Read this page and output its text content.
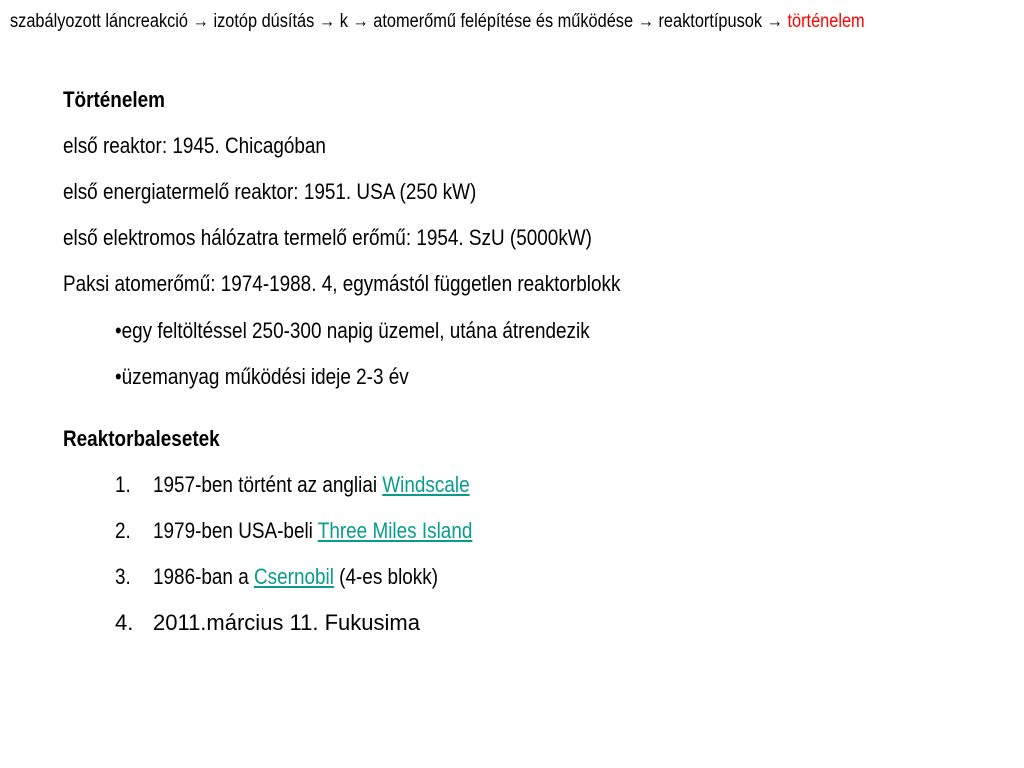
szabályozott láncreakció → izotóp dúsítás → k → atomerőmű felépítése és működése → reaktortípusok → történelem
Történelem
első reaktor: 1945. Chicagóban
első energiatermelő reaktor: 1951. USA (250 kW)
első elektromos hálózatra termelő erőmű: 1954. SzU (5000kW)
Paksi atomerőmű: 1974-1988. 4, egymástól független reaktorblokk
•egy feltöltéssel 250-300 napig üzemel, utána átrendezik
•üzemanyag működési ideje 2-3 év
Reaktorbalesetek
1. 1957-ben történt az angliai Windscale
2. 1979-ben USA-beli Three Miles Island
3. 1986-ban a Csernobil (4-es blokk)
4. 2011.március 11. Fukusima
